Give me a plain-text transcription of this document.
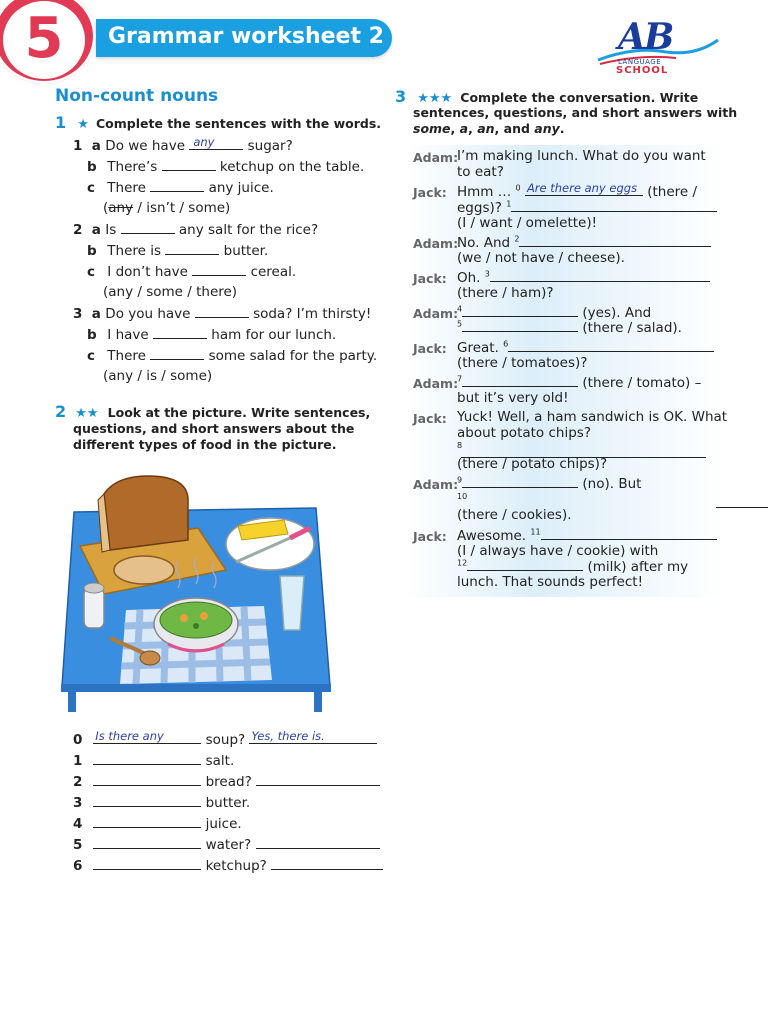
5 Grammar worksheet 2	AB
LANGUAGE
SCHOOL
Non-count nouns
1 ★ Complete the sentences with the words.
1  a Do we have any sugar?
b There’s	ketchup on the table.
c There	any juice.
(any / isn’t / some)
2  a Is	any salt for the rice?
b There is	butter.
c I don’t have	cereal.
(any / some / there)
3  a Do you have	soda? I’m thirsty!
b I have	ham for our lunch.
c There	some salad for the party.
(any / is / some)
2 ★★ Look at the picture. Write sentences,
questions, and short answers about the
different types of food in the picture.
0 Is there any	soup? Yes, there is.
1	salt.
2	bread?
3	butter.
4	juice.
5	water?
6	ketchup?
3 ★★★ Complete the conversation. Write
sentences, questions, and short answers with
some, a, an, and any.
Adam:
I’m making lunch. What do you want
to eat?
Jack: Hmm … $^0$ Are there any eggs (there /
eggs)? $^1$
(I / want / omelette)!
Adam:
No. And $^2$
(we / not have / cheese).
Jack: Oh. $^3$
(there / ham)?
Adam:
$^4$	(yes). And
$^5$	(there / salad).
Jack: Great. $^6$
(there / tomatoes)?
Adam:
$^7$	(there / tomato) –
but it’s very old!
Jack: Yuck! Well, a ham sandwich is OK. What
about potato chips?
8

(there / potato chips)?
Adam:
$^9$	(no). But
10
(there / cookies).
Jack: Awesome. $^{11}$
(I / always have / cookie) with
$^{12}$	(milk) after my
lunch. That sounds perfect!
